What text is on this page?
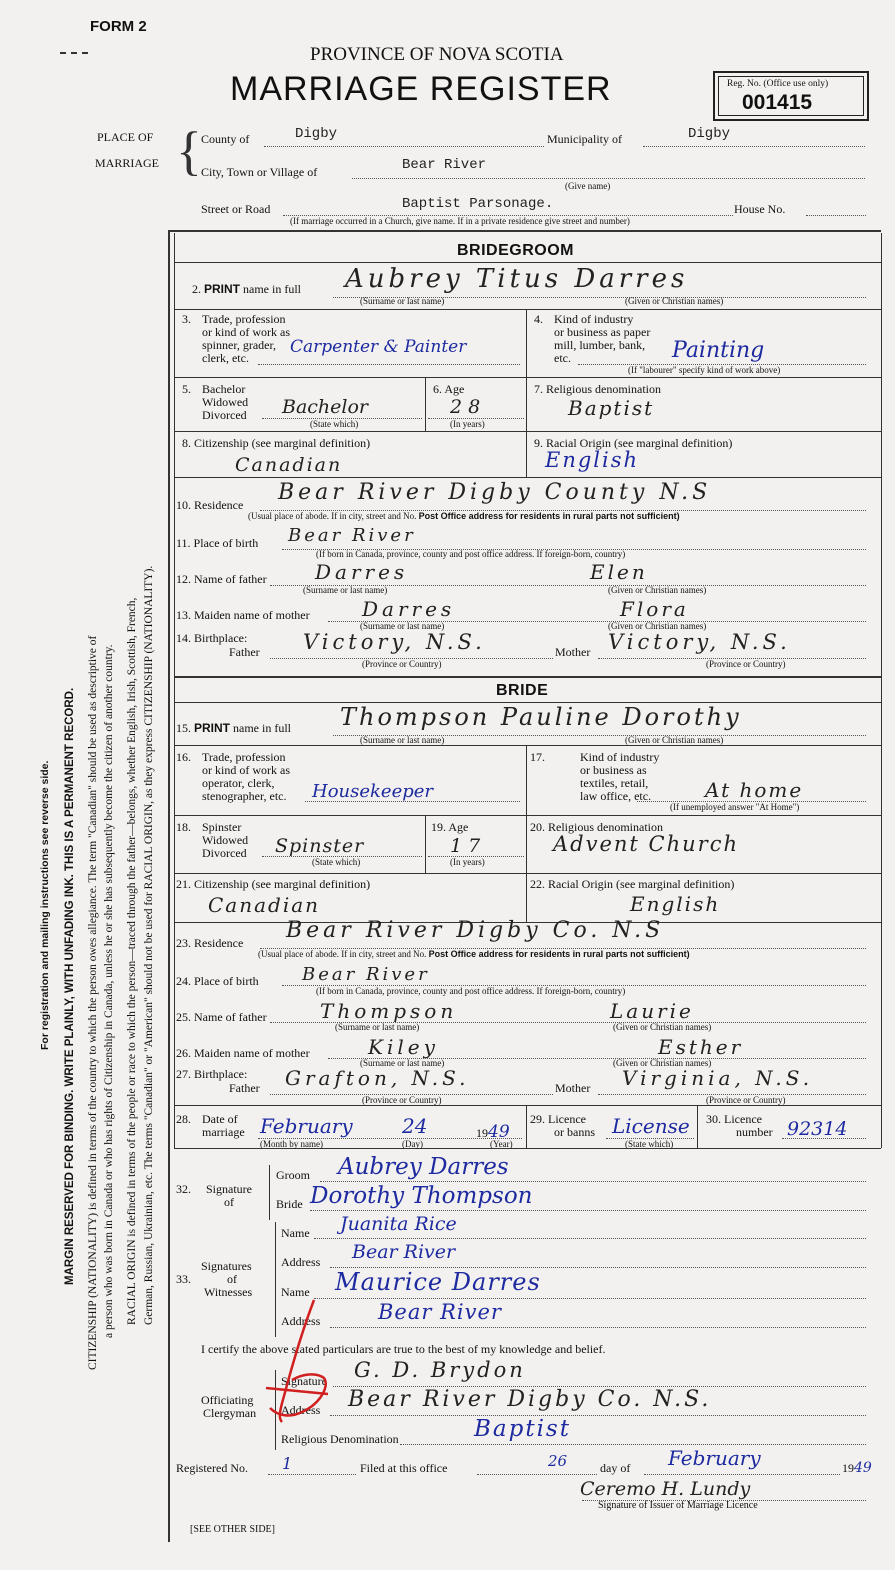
FORM 2
PROVINCE OF NOVA SCOTIA
MARRIAGE REGISTER	Reg. No. (Office use only)
001415
PLACE OF
MARRIAGE { County of	Digby	Municipality of	Digby
City, Town or Village of	Bear River
(Give name)
Street or Road	Baptist Parsonage.	House No.
(If marriage occurred in a Church, give name. If in a private residence give street and number)
For registration and mailing instructions see reverse side. MARGIN RESERVED FOR BINDING. WRITE PLAINLY, WITH UNFADING INK. THIS IS A PERMANENT RECORD. CITIZENSHIP (NATIONALITY) is defined in terms of the country to which the person owes allegiance. The term "Canadian" should be used as descriptive of a person who was born in Canada or who has rights of Citizenship in Canada, unless he or she has subsequently become the citizen of another country. RACIAL ORIGIN is defined in terms of the people or race to which the person—traced through the father—belongs, whether English, Irish, Scottish, French, German, Russian, Ukrainian, etc. The terms "Canadian" or "American" should not be used for RACIAL ORIGIN, as they express CITIZENSHIP (NATIONALITY).
BRIDEGROOM
2. PRINT name in full Aubrey Titus Darres
(Surname or last name)	(Given or Christian names)
3. Trade, profession
or kind of work as
spinner, grader,
clerk, etc.
Carpenter & Painter
4. Kind of industry
or business as paper
mill, lumber, bank,
etc.	Painting
(If "labourer" specify kind of work above)
5. Bachelor
Widowed
Divorced Bachelor
(State which)
6. Age
28
(In years)
7. Religious denomination
Baptist
8. Citizenship (see marginal definition)
Canadian
9. Racial Origin (see marginal definition)
English
10. Residence Bear River Digby County N.S
(Usual place of abode. If in city, street and No. Post Office address for residents in rural parts not sufficient)
11. Place of birth Bear River
(If born in Canada, province, county and post office address. If foreign-born, country)
12. Name of father Darres	Elen
(Surname or last name)	(Given or Christian names)
13. Maiden name of mother	Darres	Flora
(Surname or last name)	(Given or Christian names)
14. Birthplace:
Father Victory, N.S.
(Province or Country)
Mother Victory, N.S.
(Province or Country)
BRIDE
15. PRINT name in full Thompson Pauline Dorothy
(Surname or last name)	(Given or Christian names)
16. Trade, profession
or kind of work as
operator, clerk,
stenographer, etc. Housekeeper
17.	Kind of industry
or business as
textiles, retail,
law office, etc.	At home
(If unemployed answer "At Home")
18. Spinster
Widowed
Divorced Spinster
(State which)
19. Age
17
(In years)
20. Religious denomination
Advent Church
21. Citizenship (see marginal definition)
Canadian
22. Racial Origin (see marginal definition)
English
23. Residence Bear River Digby Co. N.S
(Usual place of abode. If in city, street and No. Post Office address for residents in rural parts not sufficient)
24. Place of birth Bear River
(If born in Canada, province, county and post office address. If foreign-born, country)
25. Name of father	Thompson	Laurie
(Surname or last name)	(Given or Christian names)
26. Maiden name of mother	Kiley	Esther
(Surname or last name)	(Given or Christian names)
27. Birthplace:
Father Grafton, N.S.
(Province or Country)
Mother Virginia, N.S.
(Province or Country)
28. Date of
marriage February 24	1949
(Month by name)	(Day)	(Year)
29. Licence
or banns License
(State which)
30. Licence
number 92314
32. Signature
of
Groom Aubrey Darres
Bride Dorothy Thompson
33.
Signatures
of
Witnesses
Name Juanita Rice
Address Bear River
Name Maurice Darres
Address	Bear River
I certify the above stated particulars are true to the best of my knowledge and belief.
Officiating
Clergyman
Signature G. D. Brydon
Address Bear River Digby Co. N.S.
Religious Denomination	Baptist
Registered No. 1	Filed at this office	26	day of February	1949
Ceremo H. Lundy
Signature of Issuer of Marriage Licence
[SEE OTHER SIDE]
